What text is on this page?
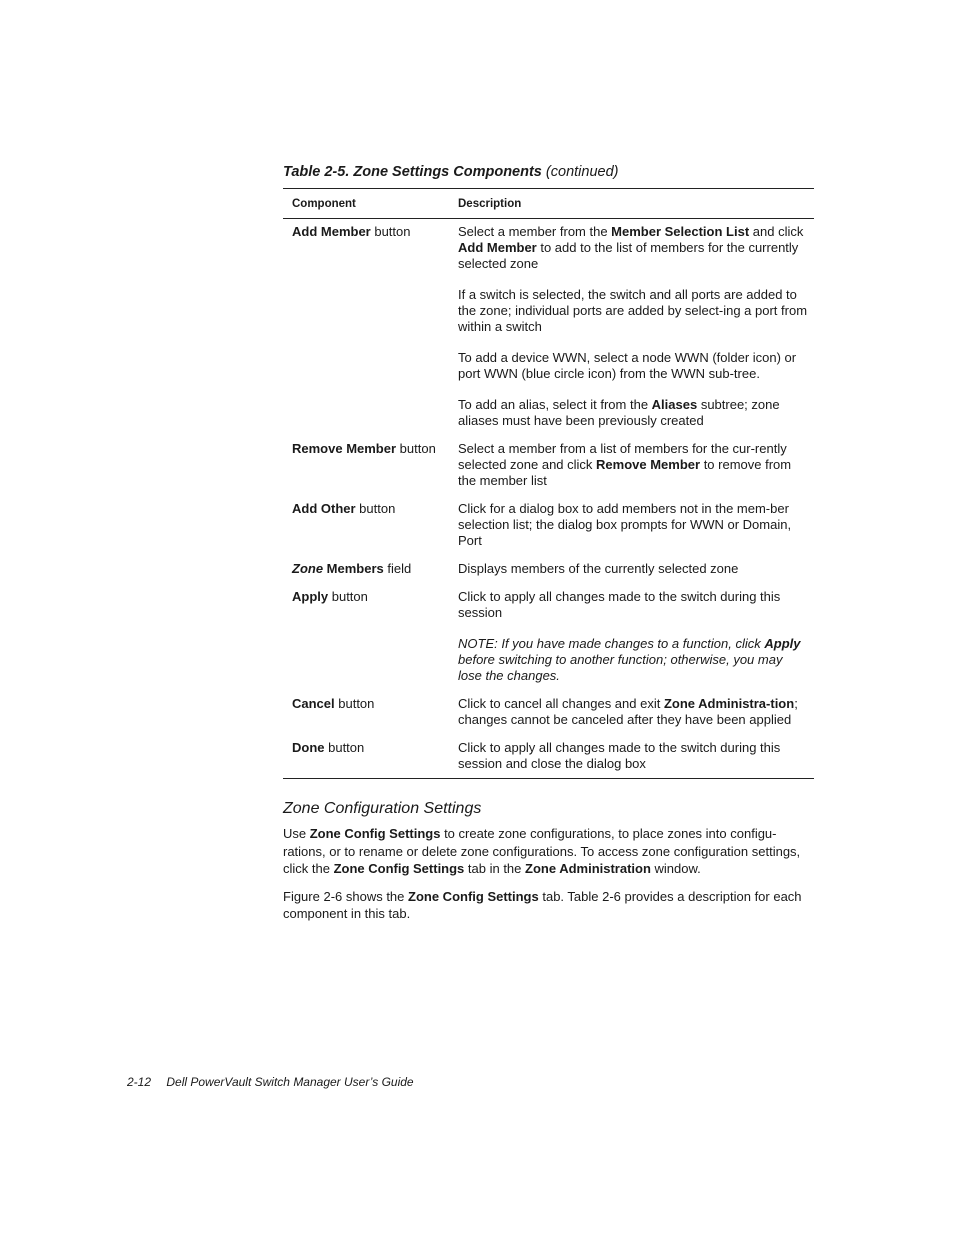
Table 2-5. Zone Settings Components (continued)
Component	Description
Add Member button	Select a member from the Member Selection List and click Add Member to add to the list of members for the currently selected zone
If a switch is selected, the switch and all ports are added to the zone; individual ports are added by select-ing a port from within a switch
To add a device WWN, select a node WWN (folder icon) or port WWN (blue circle icon) from the WWN sub-tree.
To add an alias, select it from the Aliases subtree; zone aliases must have been previously created

Remove Member button	Select a member from a list of members for the cur-rently selected zone and click Remove Member to remove from the member list

Add Other button	Click for a dialog box to add members not in the mem-ber selection list; the dialog box prompts for WWN or Domain, Port

Zone Members field	Displays members of the currently selected zone

Apply button	Click to apply all changes made to the switch during this session
NOTE: If you have made changes to a function, click Apply before switching to another function; otherwise, you may lose the changes.

Cancel button	Click to cancel all changes and exit Zone Administra-tion; changes cannot be canceled after they have been applied

Done button	Click to apply all changes made to the switch during this session and close the dialog box
Zone Configuration Settings

Use Zone Config Settings to create zone configurations, to place zones into configu-rations, or to rename or delete zone configurations. To access zone configuration settings, click the Zone Config Settings tab in the Zone Administration window.

Figure 2-6 shows the Zone Config Settings tab. Table 2-6 provides a description for each component in this tab.

2-12 Dell PowerVault Switch Manager User’s Guide
